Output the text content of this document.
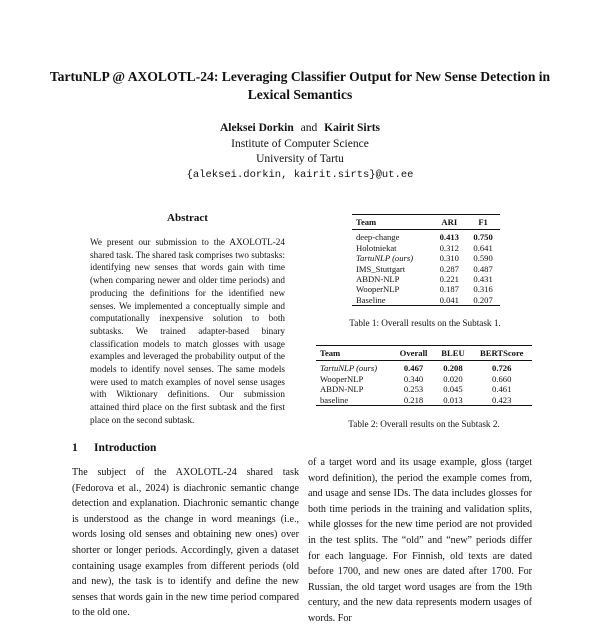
TartuNLP @ AXOLOTL-24: Leveraging Classifier Output for New Sense Detection in Lexical Semantics
Aleksei Dorkin and Kairit Sirts
Institute of Computer Science
University of Tartu
{aleksei.dorkin, kairit.sirts}@ut.ee
Abstract
We present our submission to the AXOLOTL-24 shared task. The shared task comprises two subtasks: identifying new senses that words gain with time (when comparing newer and older time periods) and producing the definitions for the identified new senses. We implemented a conceptually simple and computationally inexpensive solution to both subtasks. We trained adapter-based binary classification models to match glosses with usage examples and leveraged the probability output of the models to identify novel senses. The same models were used to match examples of novel sense usages with Wiktionary definitions. Our submission attained third place on the first subtask and the first place on the second subtask.
Team	ARI	F1
deep-change	0.413	0.750
Holotniekat	0.312	0.641
TartuNLP (ours)	0.310	0.590
IMS_Stuttgart	0.287	0.487
ABDN-NLP	0.221	0.431
WooperNLP	0.187	0.316
Baseline	0.041	0.207
Table 1: Overall results on the Subtask 1.
Team	Overall	BLEU	BERTScore
TartuNLP (ours)	0.467	0.208	0.726
WooperNLP	0.340	0.020	0.660
ABDN-NLP	0.253	0.045	0.461
baseline	0.218	0.013	0.423
Table 2: Overall results on the Subtask 2.
1 Introduction
The subject of the AXOLOTL-24 shared task (Fedorova et al., 2024) is diachronic semantic change detection and explanation. Diachronic semantic change is understood as the change in word meanings (i.e., words losing old senses and obtaining new ones) over shorter or longer periods. Accordingly, given a dataset containing usage examples from different periods (old and new), the task is to identify and define the new senses that words gain in the new time period compared to the old one.
of a target word and its usage example, gloss (target word definition), the period the example comes from, and usage and sense IDs. The data includes glosses for both time periods in the training and validation splits, while glosses for the new time period are not provided in the test splits. The “old” and “new” periods differ for each language. For Finnish, old texts are dated before 1700, and new ones are dated after 1700. For Russian, the old target word usages are from the 19th century, and the new data represents modern usages of words. For
